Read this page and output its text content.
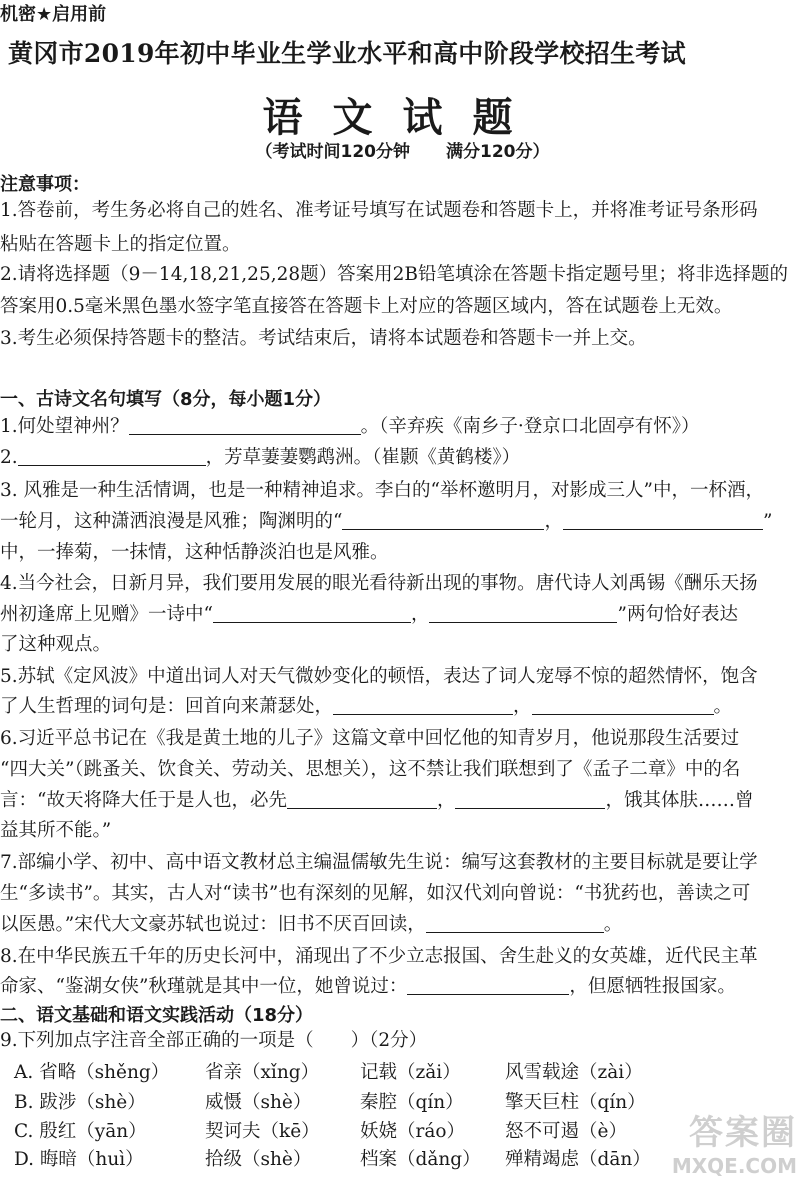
机密★启用前
黄冈市2019年初中毕业生学业水平和高中阶段学校招生考试
语文试题
（考试时间120分钟 满分120分）
注意事项：
1.答卷前，考生务必将自己的姓名、准考证号填写在试题卷和答题卡上，并将准考证号条形码
粘贴在答题卡上的指定位置。
2.请将选择题（9－14,18,21,25,28题）答案用2B铅笔填涂在答题卡指定题号里；将非选择题的
答案用0.5毫米黑色墨水签字笔直接答在答题卡上对应的答题区域内，答在试题卷上无效。
3.考生必须保持答题卡的整洁。考试结束后，请将本试题卷和答题卡一并上交。
一、古诗文名句填写（8分，每小题1分）
1.何处望神州？	。（辛弃疾《南乡子·登京口北固亭有怀》）
2.	，芳草萋萋鹦鹉洲。（崔颢《黄鹤楼》）
3. 风雅是一种生活情调，也是一种精神追求。李白的“举杯邀明月，对影成三人”中，一杯酒，
一轮月，这种潇洒浪漫是风雅；陶渊明的“	，	”
中，一捧菊，一抹情，这种恬静淡泊也是风雅。
4.当今社会，日新月异，我们要用发展的眼光看待新出现的事物。唐代诗人刘禹锡《酬乐天扬
州初逢席上见赠》一诗中“	，	”两句恰好表达
了这种观点。
5.苏轼《定风波》中道出词人对天气微妙变化的顿悟，表达了词人宠辱不惊的超然情怀，饱含
了人生哲理的词句是：回首向来萧瑟处，	，	。
6.习近平总书记在《我是黄土地的儿子》这篇文章中回忆他的知青岁月，他说那段生活要过
“四大关”（跳蚤关、饮食关、劳动关、思想关），这不禁让我们联想到了《孟子二章》中的名
言：“故天将降大任于是人也，必先	，	，饿其体肤……曾
益其所不能。”
7.部编小学、初中、高中语文教材总主编温儒敏先生说：编写这套教材的主要目标就是要让学
生“多读书”。其实，古人对“读书”也有深刻的见解，如汉代刘向曾说：“书犹药也，善读之可
以医愚。”宋代大文豪苏轼也说过：旧书不厌百回读，	。
8.在中华民族五千年的历史长河中，涌现出了不少立志报国、舍生赴义的女英雄，近代民主革
命家、“鉴湖女侠”秋瑾就是其中一位，她曾说过：	，但愿牺牲报国家。
二、语文基础和语文实践活动（18分）
9.下列加点字注音全部正确的一项是（　　）（2分）
A. 省略（shěng） 省亲（xǐng） 记载（zǎi） 风雪载途（zài）
B. 跋涉（shè）	威慑（shè）	秦腔（qín） 擎天巨柱（qín）
C. 殷红（yān）	契诃夫（kē） 妖娆（ráo） 怒不可遏（è）
D. 晦暗（huì）	拾级（shè）	档案（dǎng） 殚精竭虑（dān）
答案圈
MXQE.COM
